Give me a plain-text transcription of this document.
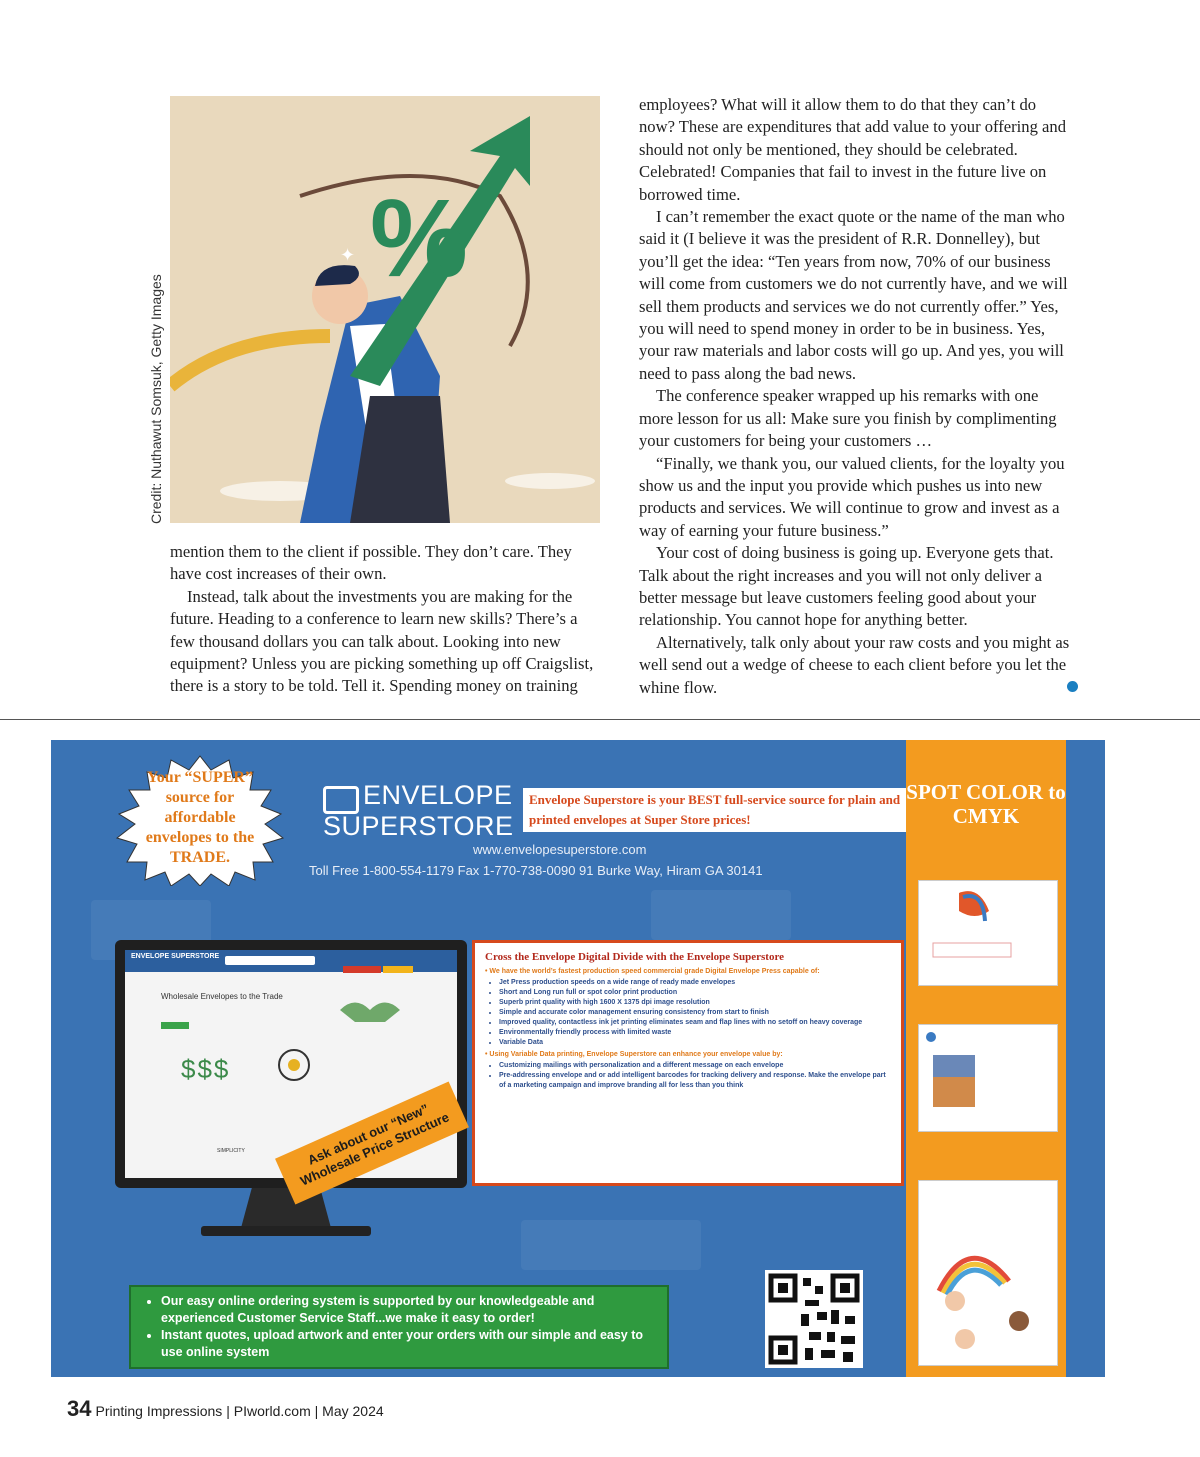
%
✦
Credit: Nuthawut Somsuk, Getty Images

mention them to the client if possible. They don’t care. They have cost increases of their own.

Instead, talk about the investments you are making for the future. Heading to a conference to learn new skills? There’s a few thousand dollars you can talk about. Looking into new equipment? Unless you are picking something up off Craigslist, there is a story to be told. Tell it. Spending money on training

employees? What will it allow them to do that they can’t do now? These are expenditures that add value to your offering and should not only be mentioned, they should be celebrated. Celebrated! Companies that fail to invest in the future live on borrowed time.

I can’t remember the exact quote or the name of the man who said it (I believe it was the president of R.R. Donnelley), but you’ll get the idea: “Ten years from now, 70% of our business will come from customers we do not currently have, and we will sell them products and services we do not currently offer.” Yes, you will need to spend money in order to be in business. Yes, your raw materials and labor costs will go up. And yes, you will need to pass along the bad news.

The conference speaker wrapped up his remarks with one more lesson for us all: Make sure you finish by complimenting your customers for being your customers …

“Finally, we thank you, our valued clients, for the loyalty you show us and the input you provide which pushes us into new products and services. We will continue to grow and invest as a way of earning your future business.”

Your cost of doing business is going up. Everyone gets that. Talk about the right increases and you will not only deliver a better message but leave customers feeling good about your relationship. You cannot hope for anything better.

Alternatively, talk only about your raw costs and you might as well send out a wedge of cheese to each client before you let the whine flow.

Your “SUPER” source for affordable envelopes to the TRADE.
ENVELOPE
SUPERSTORE
Envelope Superstore is your BEST full-service source for plain and printed envelopes at Super Store prices!
www.envelopesuperstore.com
Toll Free 1-800-554-1179 Fax 1-770-738-0090 91 Burke Way, Hiram GA 30141
ENVELOPE SUPERSTORE
Wholesale Envelopes to the Trade
$$$
SIMPLICITY	Ask about our “New” Wholesale Price Structure
Cross the Envelope Digital Divide with the Envelope Superstore
• We have the world’s fastest production speed commercial grade Digital Envelope Press capable of:
• Jet Press production speeds on a wide range of ready made envelopes
• Short and Long run full or spot color print production
• Superb print quality with high 1600 X 1375 dpi image resolution
• Simple and accurate color management ensuring consistency from start to finish
• Improved quality, contactless ink jet printing eliminates seam and flap lines with no setoff on heavy coverage
• Environmentally friendly process with limited waste
• Variable Data
• Using Variable Data printing, Envelope Superstore can enhance your envelope value by:
• Customizing mailings with personalization and a different message on each envelope
• Pre-addressing envelope and or add intelligent barcodes for tracking delivery and response. Make the envelope part of a marketing campaign and improve branding all for less than you think
• Our easy online ordering system is supported by our knowledgeable and experienced Customer Service Staff...we make it easy to order!
• Instant quotes, upload artwork and enter your orders with our simple and easy to use online system
SPOT COLOR to CMYK
34 Printing Impressions | PIworld.com | May 2024
